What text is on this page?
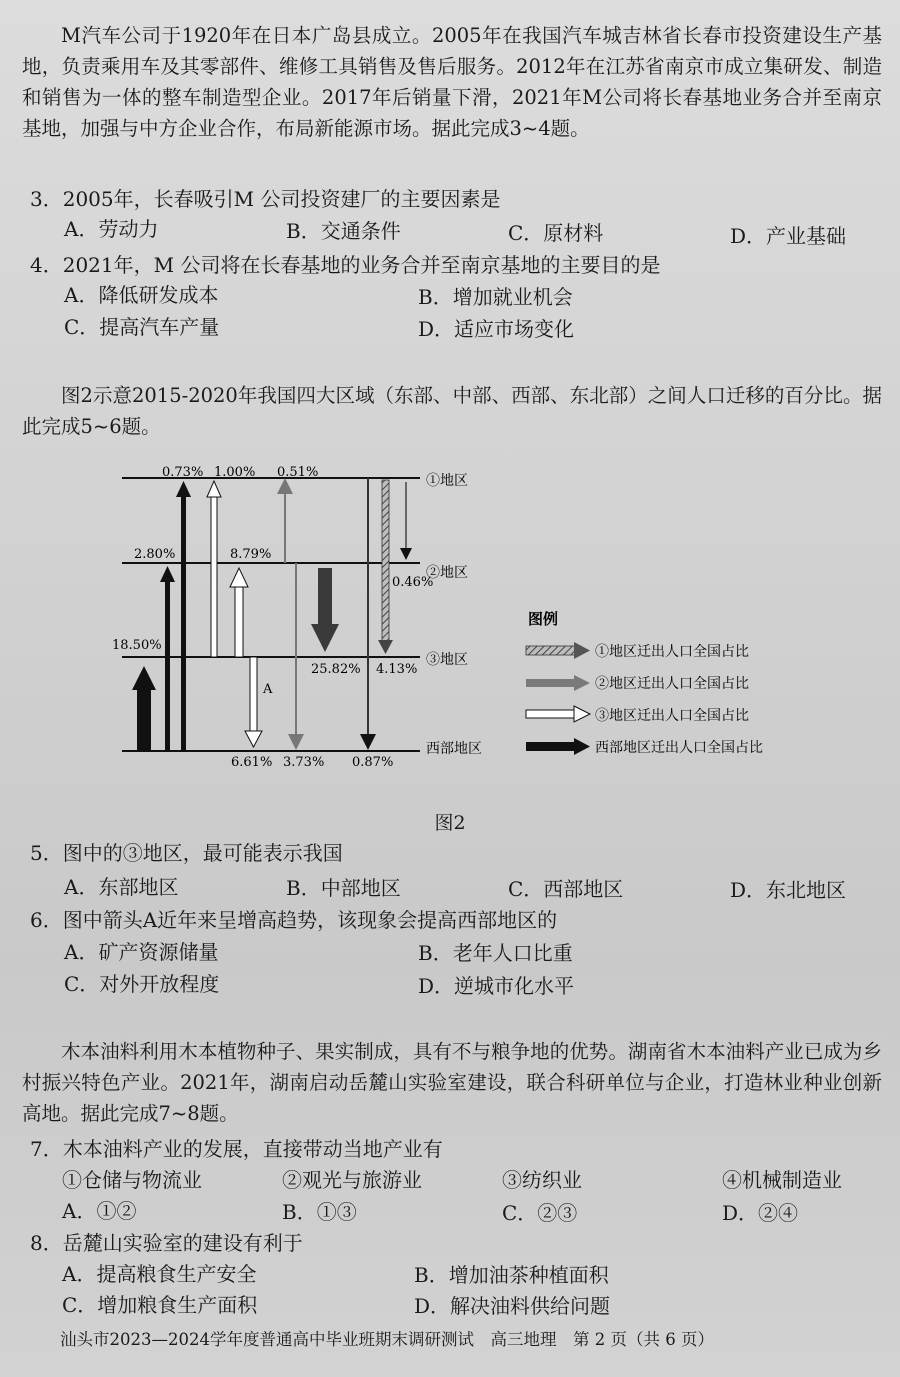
M汽车公司于1920年在日本广岛县成立。2005年在我国汽车城吉林省长春市投资建设生产基地，负责乘用车及其零部件、维修工具销售及售后服务。2012年在江苏省南京市成立集研发、制造和销售为一体的整车制造型企业。2017年后销量下滑，2021年M公司将长春基地业务合并至南京基地，加强与中方企业合作，布局新能源市场。据此完成3~4题。

3．2005年，长春吸引M 公司投资建厂的主要因素是
A．劳动力	B．交通条件	C．原材料	D．产业基础
4．2021年，M 公司将在长春基地的业务合并至南京基地的主要目的是
A．降低研发成本	B．增加就业机会
C．提高汽车产量	D．适应市场变化

图2示意2015-2020年我国四大区域（东部、中部、西部、东北部）之间人口迁移的百分比。据此完成5~6题。

①地区
②地区
③地区
西部地区
A
0.73% 1.00% 0.51%
2.80%	8.79%
0.46%
18.50%
25.82% 4.13%
6.61% 3.73% 0.87%
图例
①地区迁出人口全国占比
②地区迁出人口全国占比
③地区迁出人口全国占比
西部地区迁出人口全国占比
图2
5．图中的③地区，最可能表示我国
A．东部地区	B．中部地区	C．西部地区	D．东北地区
6．图中箭头A近年来呈增高趋势，该现象会提高西部地区的
A．矿产资源储量	B．老年人口比重
C．对外开放程度	D．逆城市化水平

木本油料利用木本植物种子、果实制成，具有不与粮争地的优势。湖南省木本油料产业已成为乡村振兴特色产业。2021年，湖南启动岳麓山实验室建设，联合科研单位与企业，打造林业种业创新高地。据此完成7~8题。

7．木本油料产业的发展，直接带动当地产业有
①仓储与物流业	②观光与旅游业	③纺织业	④机械制造业
A．①②	B．①③	C．②③	D．②④
8．岳麓山实验室的建设有利于
A．提高粮食生产安全	B．增加油茶种植面积
C．增加粮食生产面积	D．解决油料供给问题
汕头市2023—2024学年度普通高中毕业班期末调研测试　高三地理　第 2 页（共 6 页）
